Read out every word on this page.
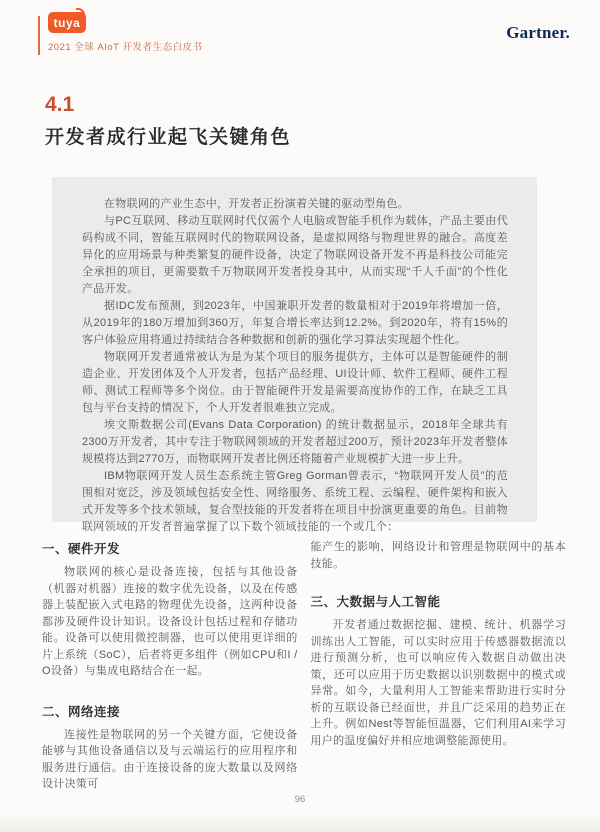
tuya
2021 全球 AIoT 开发者生态白皮书
Gartner.
4.1
开发者成行业起飞关键角色

在物联网的产业生态中，开发者正扮演着关键的驱动型角色。

与PC互联网、移动互联网时代仅需个人电脑或智能手机作为载体，产品主要由代码构成不同，智能互联网时代的物联网设备，是虚拟网络与物理世界的融合。高度差异化的应用场景与种类繁复的硬件设备，决定了物联网设备开发不再是科技公司能完全承担的项目，更需要数千万物联网开发者投身其中，从而实现“千人千面”的个性化产品开发。

据IDC发布预测，到2023年，中国兼职开发者的数量相对于2019年将增加一倍，从2019年的180万增加到360万，年复合增长率达到12.2%。到2020年，将有15%的客户体验应用将通过持续结合各种数据和创新的强化学习算法实现超个性化。

物联网开发者通常被认为是为某个项目的服务提供方，主体可以是智能硬件的制造企业、开发团体及个人开发者，包括产品经理、UI设计师、软件工程师、硬件工程师、测试工程师等多个岗位。由于智能硬件开发是需要高度协作的工作，在缺乏工具包与平台支持的情况下，个人开发者很难独立完成。

埃文斯数据公司(Evans Data Corporation) 的统计数据显示，2018年全球共有2300万开发者，其中专注于物联网领域的开发者超过200万，预计2023年开发者整体规模将达到2770万，而物联网开发者比例还将随着产业规模扩大进一步上升。

IBM物联网开发人员生态系统主管Greg Gorman曾表示，“物联网开发人员”的范围相对宽泛，涉及领域包括安全性、网络服务、系统工程、云编程、硬件架构和嵌入式开发等多个技术领域，复合型技能的开发者将在项目中扮演更重要的角色。目前物联网领域的开发者普遍掌握了以下数个领域技能的一个或几个：

一、硬件开发

物联网的核心是设备连接，包括与其他设备（机器对机器）连接的数字优先设备，以及在传感器上装配嵌入式电路的物理优先设备，这两种设备都涉及硬件设计知识。设备设计包括过程和存储功能。设备可以使用微控制器，也可以使用更详细的片上系统（SoC），后者将更多组件（例如CPU和I / O设备）与集成电路结合在一起。

二、网络连接

连接性是物联网的另一个关键方面，它使设备能够与其他设备通信以及与云端运行的应用程序和服务进行通信。由于连接设备的庞大数量以及网络设计决策可

能产生的影响，网络设计和管理是物联网中的基本技能。

三、大数据与人工智能

开发者通过数据挖掘、建模、统计、机器学习训练出人工智能，可以实时应用于传感器数据流以进行预测分析，也可以响应传入数据自动做出决策，还可以应用于历史数据以识别数据中的模式或异常。如今，大量利用人工智能来帮助进行实时分析的互联设备已经面世，并且广泛采用的趋势正在上升。例如Nest等智能恒温器，它们利用AI来学习用户的温度偏好并相应地调整能源使用。

96
